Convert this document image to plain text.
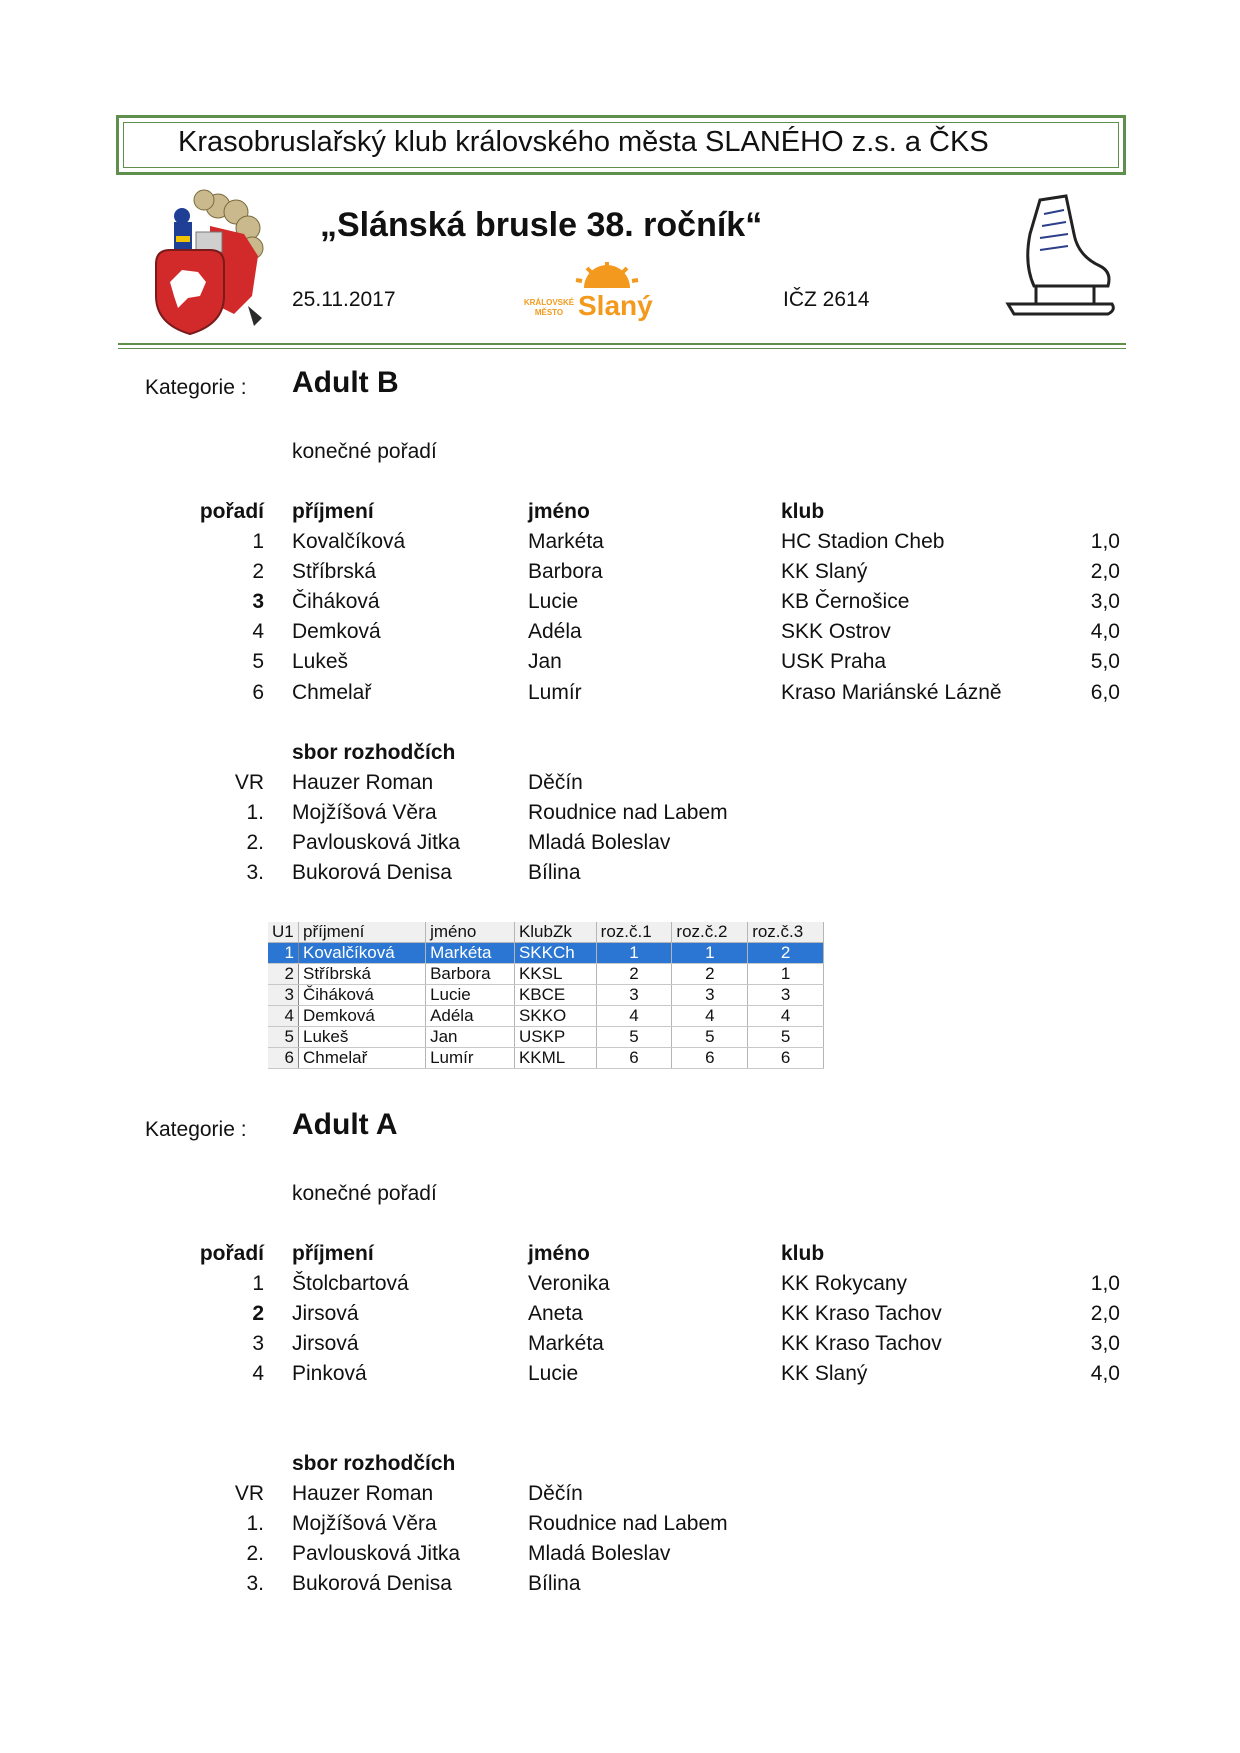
Krasobruslařský klub královského města SLANÉHO z.s. a ČKS
„Slánská brusle 38. ročník“
25.11.2017	KRÁLOVSKÉ MĚSTO Slaný	IČZ 2614
Kategorie : Adult B
konečné pořadí
pořadí příjmení	jméno	klub
1 Kovalčíková	Markéta	HC Stadion Cheb	1,0
2 Stříbrská	Barbora	KK Slaný	2,0
3 Čiháková	Lucie	KB Černošice	3,0
4 Demková	Adéla	SKK Ostrov	4,0
5 Lukeš	Jan	USK Praha	5,0
6 Chmelař	Lumír	Kraso Mariánské Lázně	6,0
sbor rozhodčích
VR Hauzer Roman	Děčín
1. Mojžíšová Věra	Roudnice nad Labem
2. Pavlousková Jitka	Mladá Boleslav
3. Bukorová Denisa	Bílina
U1	příjmení	jméno	KlubZk	roz.č.1	roz.č.2	roz.č.3
1	Kovalčíková	Markéta	SKKCh	1	1	2
2	Stříbrská	Barbora	KKSL	2	2	1
3	Čiháková	Lucie	KBCE	3	3	3
4	Demková	Adéla	SKKO	4	4	4
5	Lukeš	Jan	USKP	5	5	5
6	Chmelař	Lumír	KKML	6	6	6
Kategorie : Adult A
konečné pořadí
pořadí příjmení	jméno	klub
1 Štolcbartová	Veronika	KK Rokycany	1,0
2 Jirsová	Aneta	KK Kraso Tachov	2,0
3 Jirsová	Markéta	KK Kraso Tachov	3,0
4 Pinková	Lucie	KK Slaný	4,0
sbor rozhodčích
VR Hauzer Roman	Děčín
1. Mojžíšová Věra	Roudnice nad Labem
2. Pavlousková Jitka	Mladá Boleslav
3. Bukorová Denisa	Bílina
